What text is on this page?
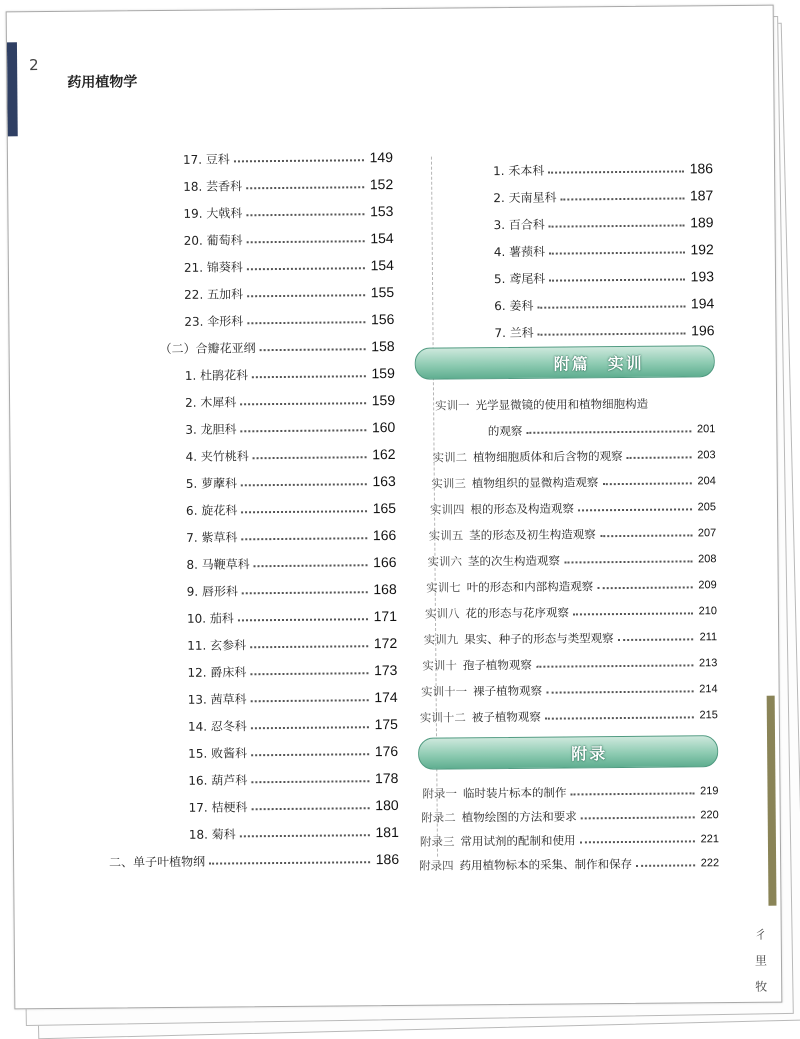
2
药用植物学
17. 豆科	149
18. 芸香科	152
19. 大戟科	153
20. 葡萄科	154
21. 锦葵科	154
22. 五加科	155
23. 伞形科	156
（二）合瓣花亚纲	158
1. 杜鹃花科	159
2. 木犀科	159
3. 龙胆科	160
4. 夹竹桃科	162
5. 萝藦科	163
6. 旋花科	165
7. 紫草科	166
8. 马鞭草科	166
9. 唇形科	168
10. 茄科	171
11. 玄参科	172
12. 爵床科	173
13. 茜草科	174
14. 忍冬科	175
15. 败酱科	176
16. 葫芦科	178
17. 桔梗科	180
18. 菊科	181
二、单子叶植物纲	186
1. 禾本科	186
2. 天南星科	187
3. 百合科	189
4. 薯蓣科	192
5. 鸢尾科	193
6. 姜科	194
7. 兰科	196
附篇　实训
实训一 光学显微镜的使用和植物细胞构造
的观察	201
实训二 植物细胞质体和后含物的观察	203
实训三 植物组织的显微构造观察	204
实训四 根的形态及构造观察	205
实训五 茎的形态及初生构造观察	207
实训六 茎的次生构造观察	208
实训七 叶的形态和内部构造观察	209
实训八 花的形态与花序观察	210
实训九 果实、种子的形态与类型观察	211
实训十 孢子植物观察	213
实训十一 裸子植物观察	214
实训十二 被子植物观察	215
附录
附录一 临时装片标本的制作	219
附录二 植物绘图的方法和要求	220
附录三 常用试剂的配制和使用	221
附录四 药用植物标本的采集、制作和保存	222
彳
里
牧
